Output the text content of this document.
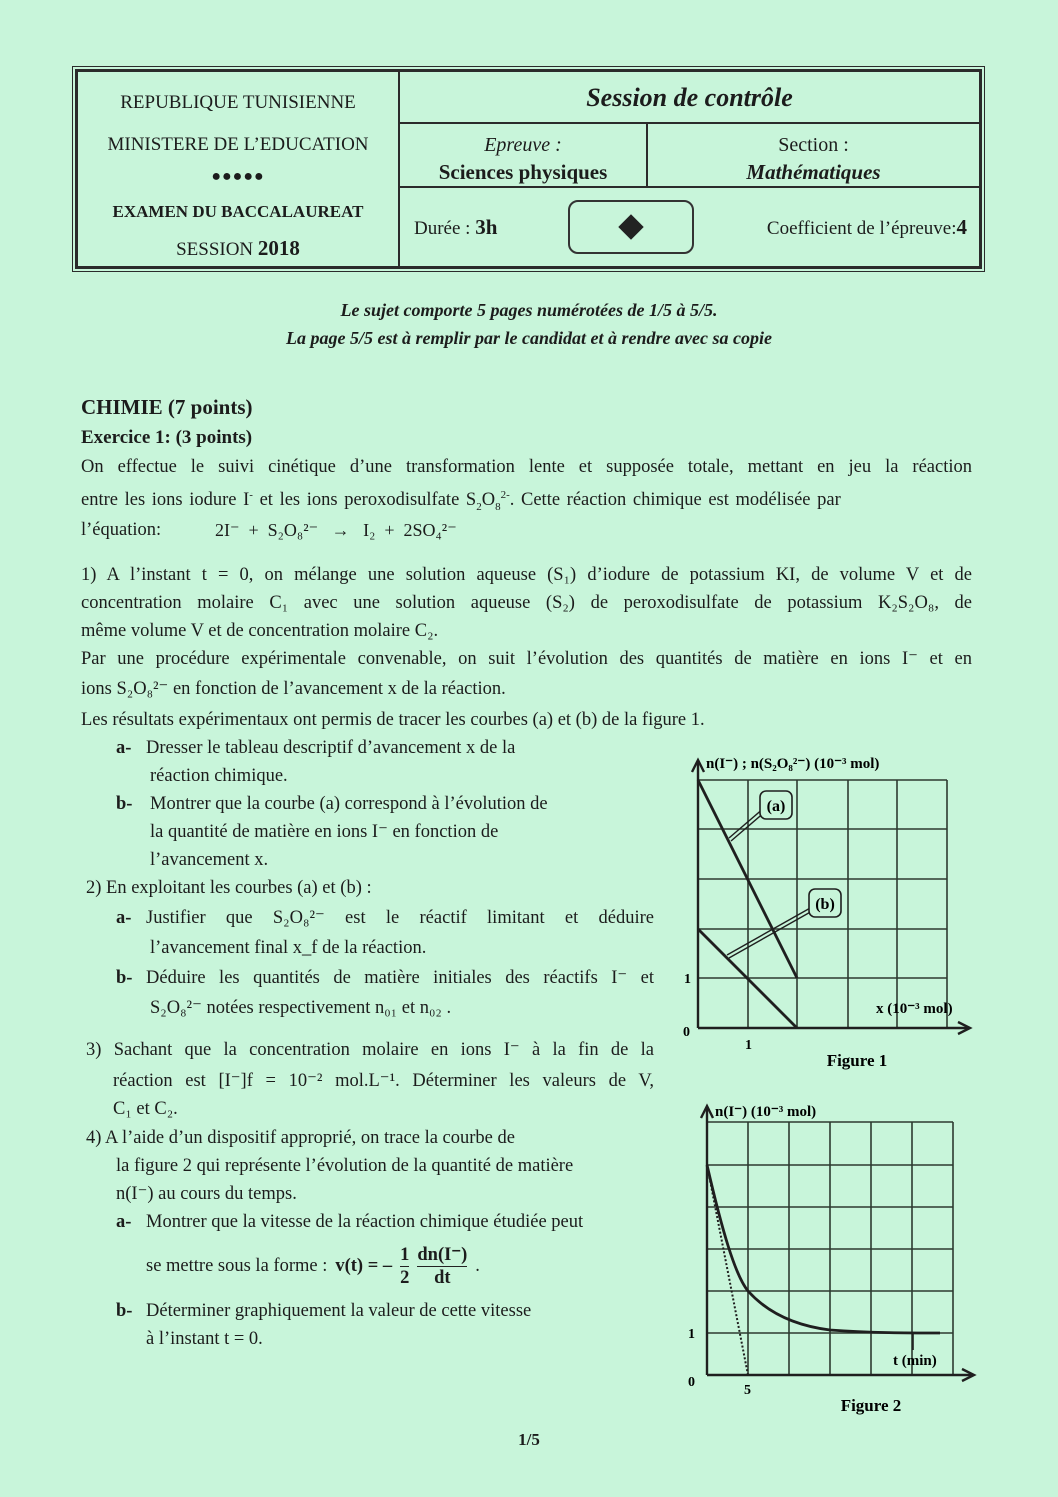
REPUBLIQUE TUNISIENNE
MINISTERE DE L’EDUCATION
●●●●●
EXAMEN DU BACCALAUREAT
SESSION 2018
Session de contrôle
Epreuve :
Sciences physiques
Section :
Mathématiques
Durée : 3h	Coefficient de l’épreuve:4
Le sujet comporte 5 pages numérotées de 1/5 à 5/5.
La page 5/5 est à remplir par le candidat et à rendre avec sa copie
CHIMIE (7 points)
Exercice 1: (3 points)
On effectue le suivi cinétique d’une transformation lente et supposée totale, mettant en jeu la réaction
entre les ions iodure I- et les ions peroxodisulfate $S_2O_8^{2-}$. Cette réaction chimique est modélisée par
l’équation:	2I⁻  +  S₂O₈²⁻   →   I₂  +  2SO₄²⁻
1) A l’instant t = 0, on mélange une solution aqueuse (S₁) d’iodure de potassium KI, de volume V et de
concentration molaire C₁ avec une solution aqueuse (S₂) de peroxodisulfate de potassium K₂S₂O₈, de
même volume V et de concentration molaire C₂.
Par une procédure expérimentale convenable, on suit l’évolution des quantités de matière en ions I⁻ et en
ions S₂O₈²⁻ en fonction de l’avancement x de la réaction.
Les résultats expérimentaux ont permis de tracer les courbes (a) et (b) de la figure 1.
a- Dresser le tableau descriptif d’avancement x de la
réaction chimique.
b- Montrer que la courbe (a) correspond à l’évolution de
la quantité de matière en ions I⁻ en fonction de
l’avancement x.
2) En exploitant les courbes (a) et (b) :
a- Justifier que S₂O₈²⁻ est le réactif limitant et déduire
l’avancement final x_f de la réaction.
b- Déduire les quantités de matière initiales des réactifs I⁻ et
S₂O₈²⁻ notées respectivement n₀₁ et n₀₂ .
3) Sachant que la concentration molaire en ions I⁻ à la fin de la
réaction est [I⁻]f = 10⁻² mol.L⁻¹. Déterminer les valeurs de V,
C₁ et C₂.
4) A l’aide d’un dispositif approprié, on trace la courbe de
la figure 2 qui représente l’évolution de la quantité de matière
n(I⁻) au cours du temps.
a- Montrer que la vitesse de la réaction chimique étudiée peut
se mettre sous la forme : v(t) = – $\frac{1}{2} \frac{dn(I^-)}{dt}$ .
b- Déterminer graphiquement la valeur de cette vitesse
à l’instant t = 0.
(a)
(b)
n(I⁻) ; n(S₂O₈²⁻) (10⁻³ mol)
x (10⁻³ mol)
1
0
1
Figure 1
n(I⁻) (10⁻³ mol)
t (min)
1
0
5
Figure 2
1/5
